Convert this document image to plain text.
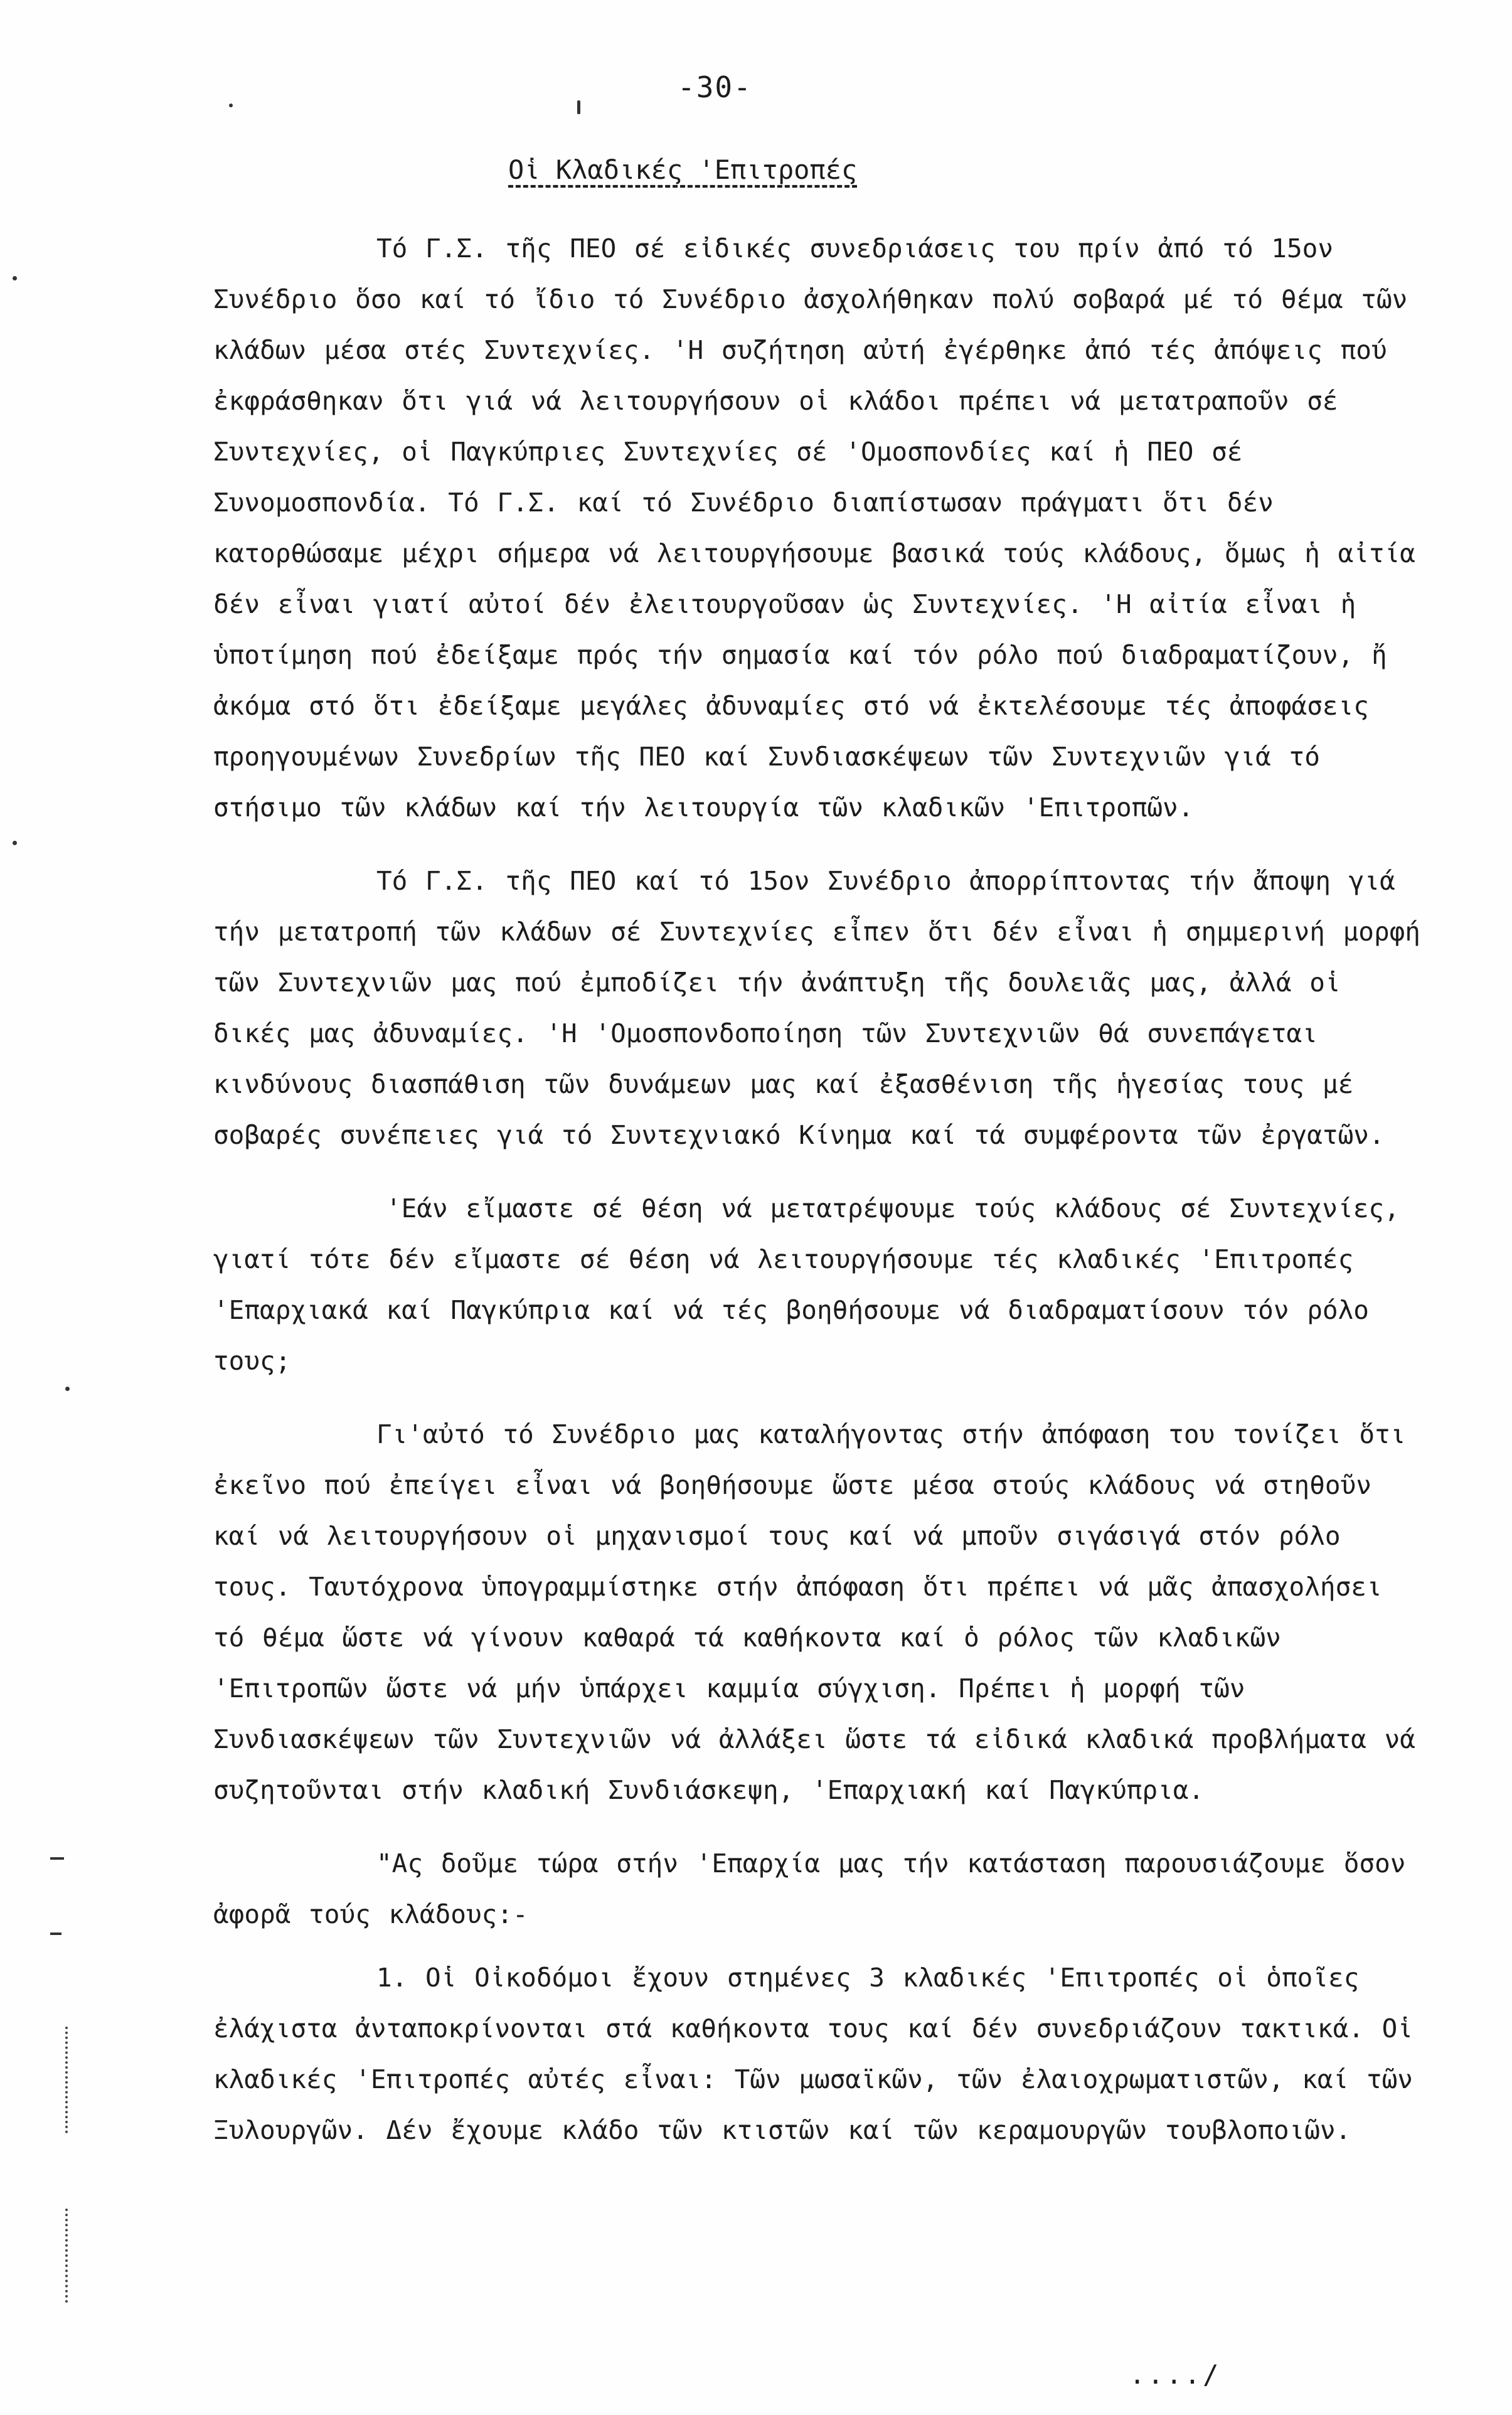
-30-
Οἱ Κλαδικές 'Επιτροπές

Τό Γ.Σ. τῆς ΠΕΟ σέ εἰδικές συνεδριάσεις του πρίν ἀπό τό 15ον Συνέδριο ὅσο καί τό ἴδιο τό Συνέδριο ἀσχολήθηκαν πολύ σοβαρά μέ τό θέμα τῶν κλάδων μέσα στές Συντεχνίες. 'Η συζήτηση αὐτή ἐγέρθηκε ἀπό τές ἀπόψεις πού ἐκφράσθηκαν ὅτι γιά νά λειτουργήσουν οἱ κλάδοι πρέπει νά μετατραποῦν σέ Συντεχνίες, οἱ Παγκύπριες Συντεχνίες σέ 'Ομοσπονδίες καί ἡ ΠΕΟ σέ Συνομοσπονδία. Τό Γ.Σ. καί τό Συνέδριο διαπίστωσαν πράγματι ὅτι δέν κατορθώσαμε μέχρι σήμερα νά λειτουργήσουμε βασικά τούς κλάδους, ὅμως ἡ αἰτία δέν εἶναι γιατί αὐτοί δέν ἐλειτουργοῦσαν ὡς Συντεχνίες. 'Η αἰτία εἶναι ἡ ὑποτίμηση πού ἐδείξαμε πρός τήν σημασία καί τόν ρόλο πού διαδραματίζουν, ἤ ἀκόμα στό ὅτι ἐδείξαμε μεγάλες ἀδυναμίες στό νά ἐκτελέσουμε τές ἀποφάσεις προηγουμένων Συνεδρίων τῆς ΠΕΟ καί Συνδιασκέψεων τῶν Συντεχνιῶν γιά τό στήσιμο τῶν κλάδων καί τήν λειτουργία τῶν κλαδικῶν 'Επιτροπῶν.

Τό Γ.Σ. τῆς ΠΕΟ καί τό 15ον Συνέδριο ἀπορρίπτοντας τήν ἄποψη γιά τήν μετατροπή τῶν κλάδων σέ Συντεχνίες εἶπεν ὅτι δέν εἶναι ἡ σημμερινή μορφή τῶν Συντεχνιῶν μας πού ἐμποδίζει τήν ἀνάπτυξη τῆς δουλειᾶς μας, ἀλλά οἱ δικές μας ἀδυναμίες. 'Η 'Ομοσπονδοποίηση τῶν Συντεχνιῶν θά συνεπάγεται κινδύνους διασπάθιση τῶν δυνάμεων μας καί ἐξασθένιση τῆς ἡγεσίας τους μέ σοβαρές συνέπειες γιά τό Συντεχνιακό Κίνημα καί τά συμφέροντα τῶν ἐργατῶν.

'Εάν εἴμαστε σέ θέση νά μετατρέψουμε τούς κλάδους σέ Συντεχνίες, γιατί τότε δέν εἴμαστε σέ θέση νά λειτουργήσουμε τές κλαδικές 'Επιτροπές 'Επαρχιακά καί Παγκύπρια καί νά τές βοηθήσουμε νά διαδραματίσουν τόν ρόλο τους;

Γι'αὐτό τό Συνέδριο μας καταλήγοντας στήν ἀπόφαση του τονίζει ὅτι ἐκεῖνο πού ἐπείγει εἶναι νά βοηθήσουμε ὥστε μέσα στούς κλάδους νά στηθοῦν καί νά λειτουργήσουν οἱ μηχανισμοί τους καί νά μποῦν σιγάσιγά στόν ρόλο τους. Ταυτόχρονα ὑπογραμμίστηκε στήν ἀπόφαση ὅτι πρέπει νά μᾶς ἀπασχολήσει τό θέμα ὥστε νά γίνουν καθαρά τά καθήκοντα καί ὁ ρόλος τῶν κλαδικῶν 'Επιτροπῶν ὥστε νά μήν ὑπάρχει καμμία σύγχιση. Πρέπει ἡ μορφή τῶν Συνδιασκέψεων τῶν Συντεχνιῶν νά ἀλλάξει ὥστε τά εἰδικά κλαδικά προβλήματα νά συζητοῦνται στήν κλαδική Συνδιάσκεψη, 'Επαρχιακή καί Παγκύπρια.

"Ας δοῦμε τώρα στήν 'Επαρχία μας τήν κατάσταση παρουσιάζουμε ὅσον ἀφορᾶ τούς κλάδους:-

1. Οἱ Οἰκοδόμοι ἔχουν στημένες 3 κλαδικές 'Επιτροπές οἱ ὁποῖες ἐλάχιστα ἀνταποκρίνονται στά καθήκοντα τους καί δέν συνεδριάζουν τακτικά. Οἱ κλαδικές 'Επιτροπές αὐτές εἶναι: Τῶν μωσαϊκῶν, τῶν ἐλαιοχρωματιστῶν, καί τῶν Ξυλουργῶν. Δέν ἔχουμε κλάδο τῶν κτιστῶν καί τῶν κεραμουργῶν τουβλοποιῶν.

..../
